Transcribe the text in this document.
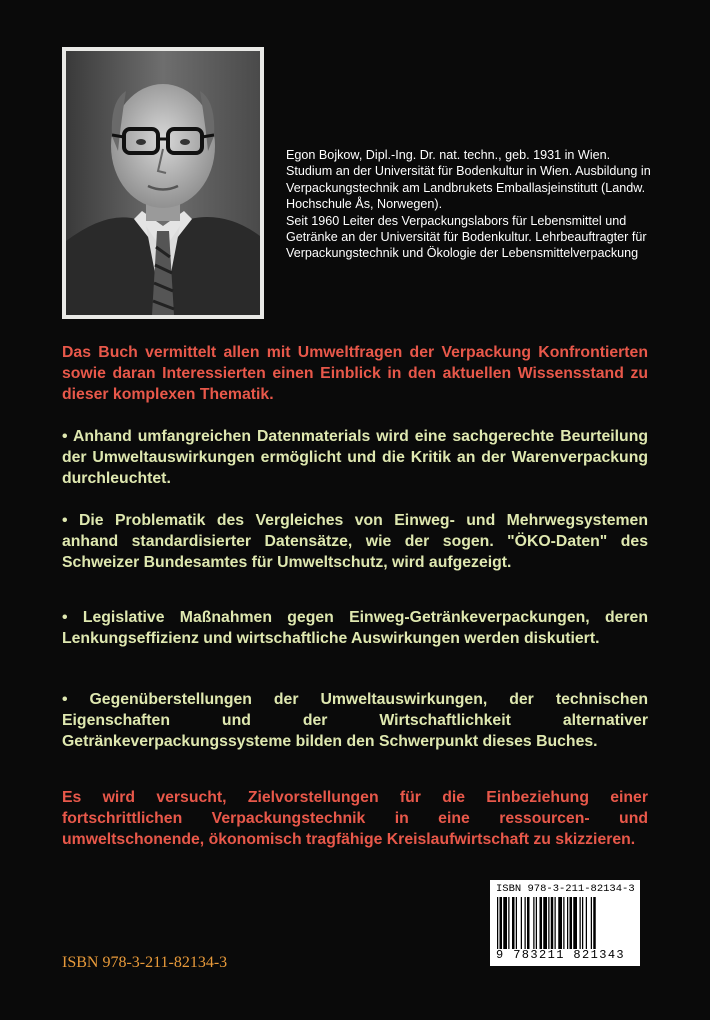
Egon Bojkow, Dipl.-Ing. Dr. nat. techn., geb. 1931 in Wien.

Studium an der Universität für Bodenkultur in Wien. Ausbildung in Verpackungstechnik am Landbrukets Emballasjeinstitutt (Landw. Hochschule Ås, Norwegen).

Seit 1960 Leiter des Verpackungslabors für Lebensmittel und Getränke an der Universität für Bodenkultur. Lehrbeauftragter für Verpackungstechnik und Ökologie der Lebensmittelverpackung

Das Buch vermittelt allen mit Umweltfragen der Verpackung Konfrontierten sowie daran Interessierten einen Einblick in den aktuellen Wissensstand zu dieser komplexen Thematik.

• Anhand umfangreichen Datenmaterials wird eine sachgerechte Beurteilung der Umweltauswirkungen ermöglicht und die Kritik an der Warenverpackung durchleuchtet.

• Die Problematik des Vergleiches von Einweg- und Mehrwegsystemen anhand standardisierter Datensätze, wie der sogen. "ÖKO-Daten" des Schweizer Bundesamtes für Umweltschutz, wird aufgezeigt.

• Legislative Maßnahmen gegen Einweg-Getränkeverpackungen, deren Lenkungseffizienz und wirtschaftliche Auswirkungen werden diskutiert.

• Gegenüberstellungen der Umweltauswirkungen, der technischen Eigenschaften und der Wirtschaftlichkeit alternativer Getränkeverpackungssysteme bilden den Schwerpunkt dieses Buches.

Es wird versucht, Zielvorstellungen für die Einbeziehung einer fortschrittlichen Verpackungstechnik in eine ressourcen- und umweltschonende, ökonomisch tragfähige Kreislaufwirtschaft zu skizzieren.

ISBN 978-3-211-82134-3
9 783211 821343
ISBN 978-3-211-82134-3
